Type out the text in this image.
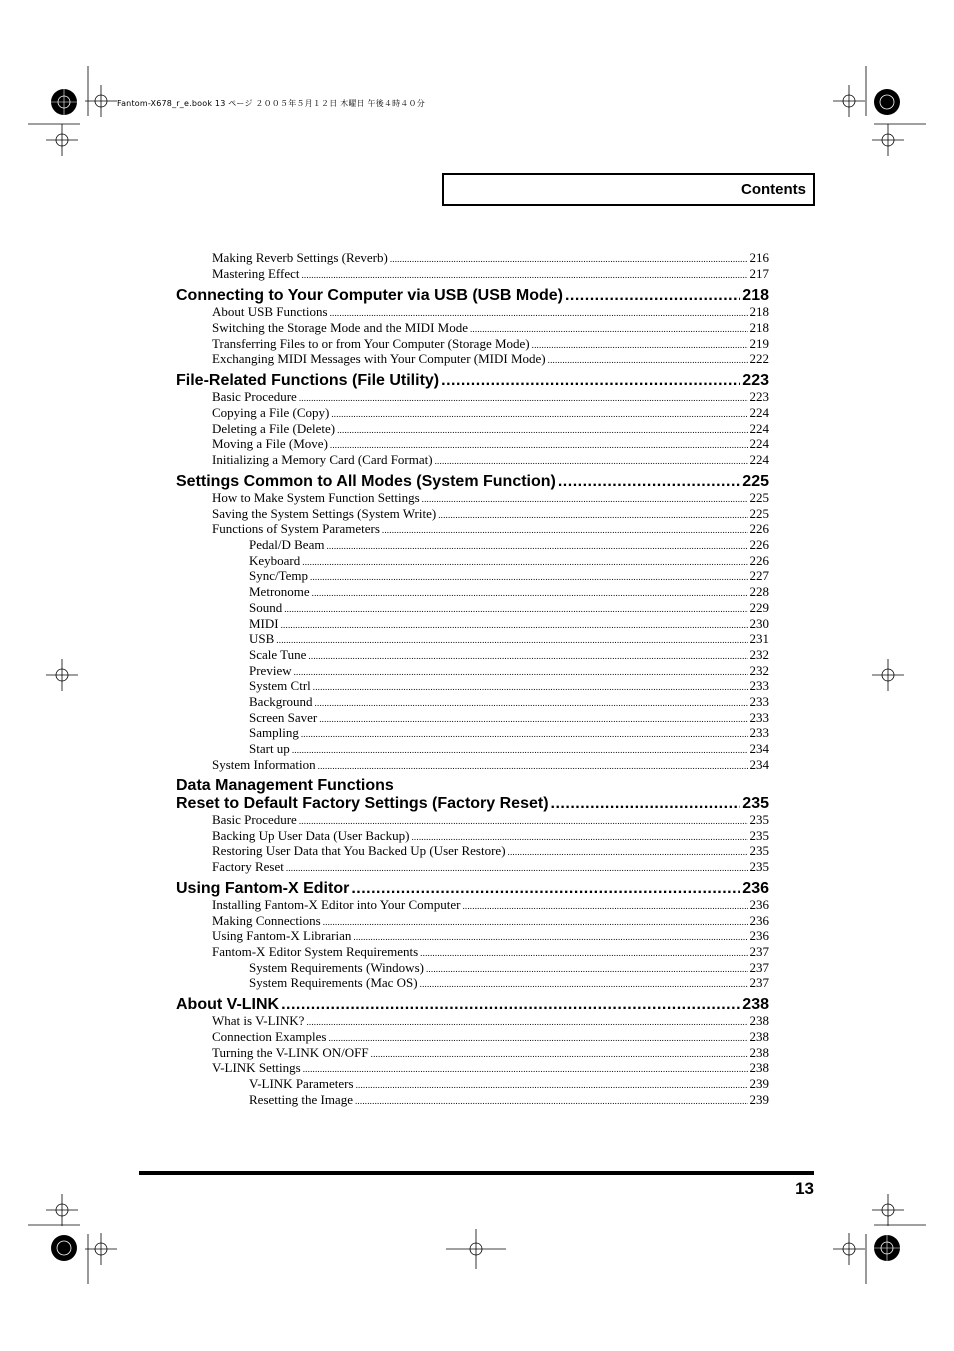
Fantom-X678_r_e.book 13 ページ ２００５年５月１２日 木曜日 午後４時４０分
Contents
Making Reverb Settings (Reverb) .....	216
Mastering Effect .....	217
Connecting to Your Computer via USB (USB Mode) .....	218
About USB Functions .....	218
Switching the Storage Mode and the MIDI Mode .....	218
Transferring Files to or from Your Computer (Storage Mode) .....	219
Exchanging MIDI Messages with Your Computer (MIDI Mode) .....	222
File-Related Functions (File Utility) .....	223
Basic Procedure .....	223
Copying a File (Copy) .....	224
Deleting a File (Delete) .....	224
Moving a File (Move) .....	224
Initializing a Memory Card (Card Format) .....	224
Settings Common to All Modes (System Function) .....	225
How to Make System Function Settings .....	225
Saving the System Settings (System Write) .....	225
Functions of System Parameters .....	226
Pedal/D Beam .....	226
Keyboard .....	226
Sync/Temp .....	227
Metronome .....	228
Sound .....	229
MIDI .....	230
USB .....	231
Scale Tune .....	232
Preview .....	232
System Ctrl .....	233
Background .....	233
Screen Saver .....	233
Sampling .....	233
Start up .....	234
System Information .....	234
Data Management Functions
Reset to Default Factory Settings (Factory Reset) .....	235
Basic Procedure .....	235
Backing Up User Data (User Backup) .....	235
Restoring User Data that You Backed Up (User Restore) .....	235
Factory Reset .....	235
Using Fantom-X Editor .....	236
Installing Fantom-X Editor into Your Computer .....	236
Making Connections .....	236
Using Fantom-X Librarian .....	236
Fantom-X Editor System Requirements .....	237
System Requirements (Windows) .....	237
System Requirements (Mac OS) .....	237
About V-LINK .....	238
What is V-LINK? .....	238
Connection Examples .....	238
Turning the V-LINK ON/OFF .....	238
V-LINK Settings .....	238
V-LINK Parameters .....	239
Resetting the Image .....	239
13
